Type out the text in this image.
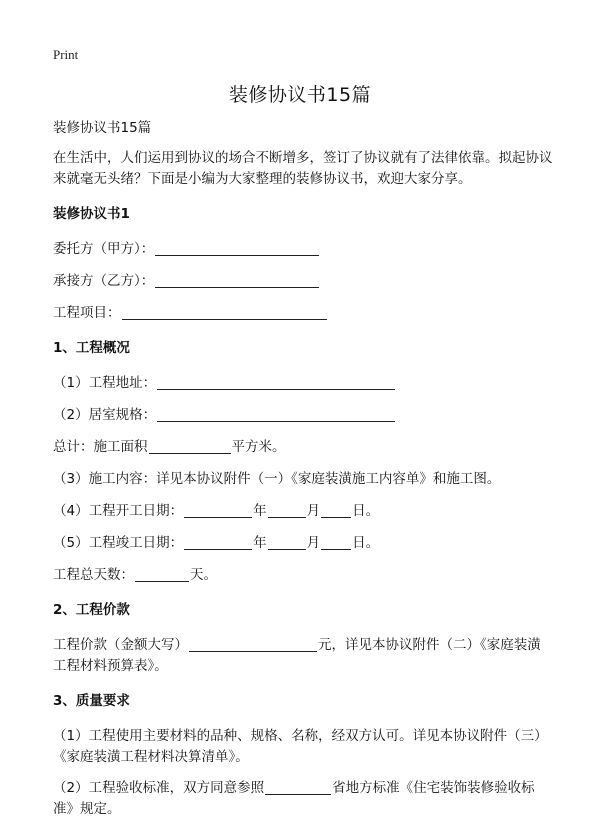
Print
装修协议书15篇

装修协议书15篇

在生活中，人们运用到协议的场合不断增多，签订了协议就有了法律依靠。拟起协议来就毫无头绪？下面是小编为大家整理的装修协议书，欢迎大家分享。

装修协议书1

委托方（甲方）：

承接方（乙方）：

工程项目：

1、工程概况

（1）工程地址：

（2）居室规格：

总计：施工面积	平方米。

（3）施工内容：详见本协议附件（一）《家庭装潢施工内容单》和施工图。

（4）工程开工日期：	年	月 日。

（5）工程竣工日期：	年	月 日。

工程总天数：	天。

2、工程价款

工程价款（金额大写）	元，详见本协议附件（二）《家庭装潢工程材料预算表》。

3、质量要求

（1）工程使用主要材料的品种、规格、名称，经双方认可。详见本协议附件（三）《家庭装潢工程材料决算清单》。

（2）工程验收标准，双方同意参照	省地方标准《住宅装饰装修验收标准》规定。
